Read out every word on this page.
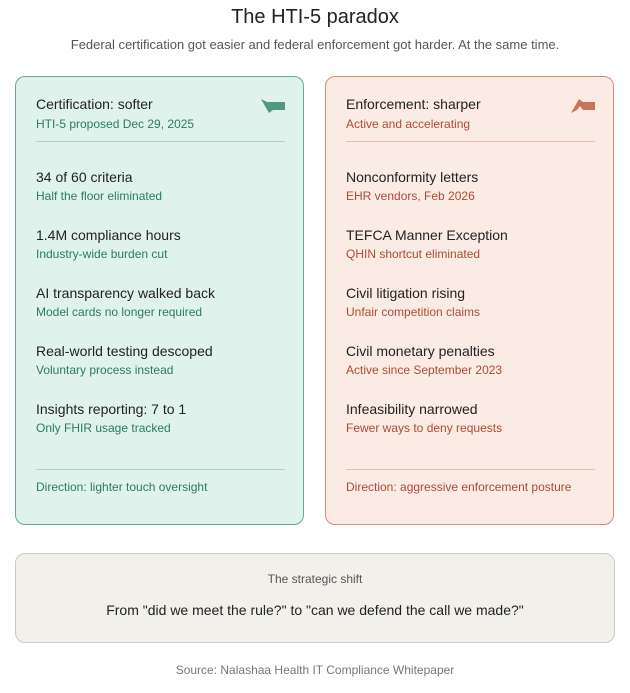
The HTI-5 paradox
Federal certification got easier and federal enforcement got harder. At the same time.
Certification: softer
HTI-5 proposed Dec 29, 2025
34 of 60 criteria
Half the floor eliminated
1.4M compliance hours
Industry-wide burden cut
AI transparency walked back
Model cards no longer required
Real-world testing descoped
Voluntary process instead
Insights reporting: 7 to 1
Only FHIR usage tracked
Direction: lighter touch oversight
Enforcement: sharper
Active and accelerating
Nonconformity letters
EHR vendors, Feb 2026
TEFCA Manner Exception
QHIN shortcut eliminated
Civil litigation rising
Unfair competition claims
Civil monetary penalties
Active since September 2023
Infeasibility narrowed
Fewer ways to deny requests
Direction: aggressive enforcement posture
The strategic shift
From "did we meet the rule?" to "can we defend the call we made?"
Source: Nalashaa Health IT Compliance Whitepaper
